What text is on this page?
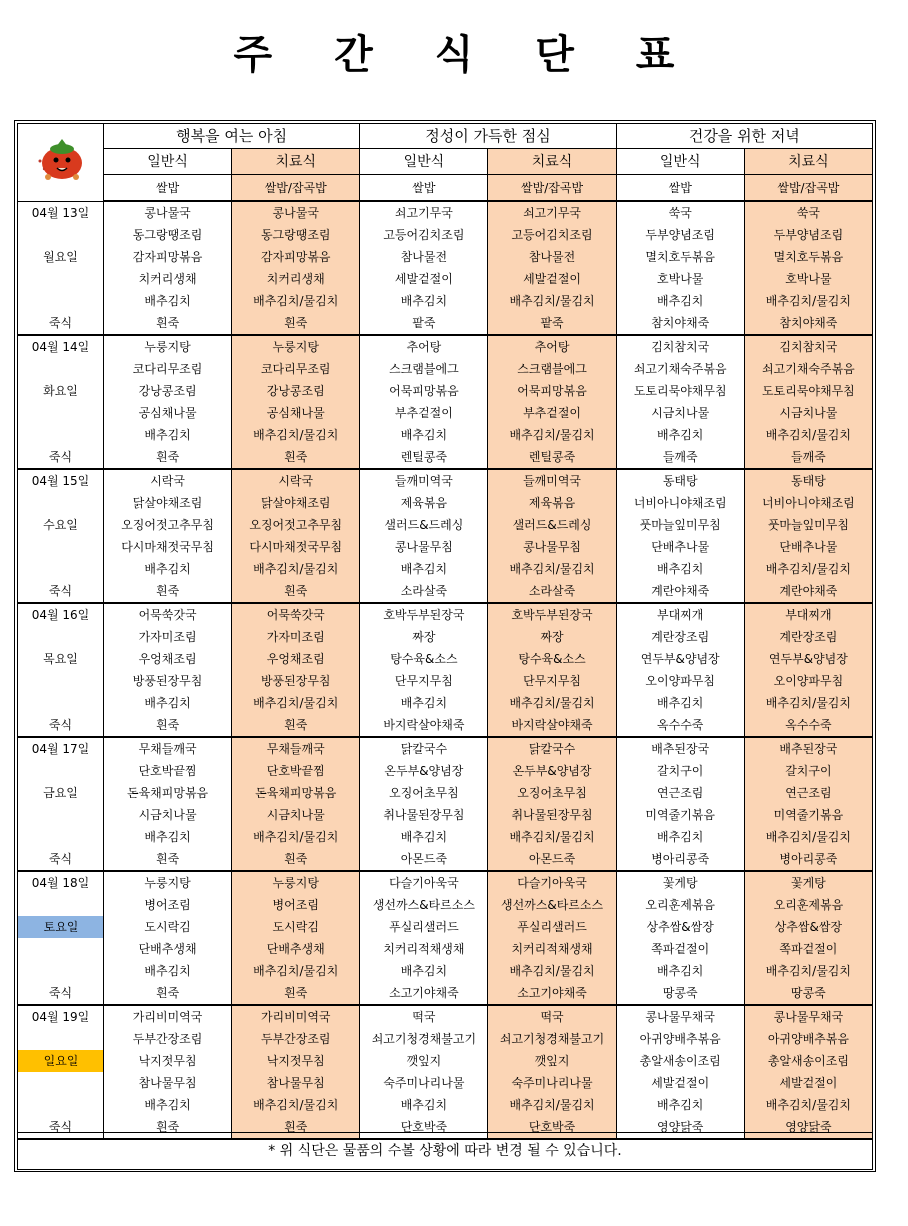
주 간 식 단 표
	행복을 여는 아침		정성이 가득한 점심		건강을 위한 저녁	
	일반식	치료식	일반식	치료식	일반식	치료식
	쌀밥	쌀밥/잡곡밥	쌀밥	쌀밥/잡곡밥	쌀밥	쌀밥/잡곡밥
04월 13일	콩나물국	콩나물국	쇠고기무국	쇠고기무국	쑥국	쑥국
	동그랑땡조림	동그랑땡조림	고등어김치조림	고등어김치조림	두부양념조림	두부양념조림
월요일	감자피망볶음	감자피망볶음	참나물전	참나물전	멸치호두볶음	멸치호두볶음
	치커리생채	치커리생채	세발겉절이	세발겉절이	호박나물	호박나물
	배추김치	배추김치/물김치	배추김치	배추김치/물김치	배추김치	배추김치/물김치
죽식	흰죽	흰죽	팥죽	팥죽	참치야채죽	참치야채죽
04월 14일	누룽지탕	누룽지탕	추어탕	추어탕	김치참치국	김치참치국
	코다리무조림	코다리무조림	스크램블에그	스크램블에그	쇠고기채숙주볶음	쇠고기채숙주볶음
화요일	강낭콩조림	강낭콩조림	어묵피망볶음	어묵피망볶음	도토리묵야채무침	도토리묵야채무침
	공심채나물	공심채나물	부추겉절이	부추겉절이	시금치나물	시금치나물
	배추김치	배추김치/물김치	배추김치	배추김치/물김치	배추김치	배추김치/물김치
죽식	흰죽	흰죽	렌틸콩죽	렌틸콩죽	들깨죽	들깨죽
04월 15일	시락국	시락국	들깨미역국	들깨미역국	동태탕	동태탕
	닭살야채조림	닭살야채조림	제육볶음	제육볶음	너비아니야채조림	너비아니야채조림
수요일	오징어젓고추무침	오징어젓고추무침	샐러드&드레싱	샐러드&드레싱	풋마늘잎미무침	풋마늘잎미무침
	다시마채젓국무침	다시마채젓국무침	콩나물무침	콩나물무침	단배추나물	단배추나물
	배추김치	배추김치/물김치	배추김치	배추김치/물김치	배추김치	배추김치/물김치
죽식	흰죽	흰죽	소라살죽	소라살죽	계란야채죽	계란야채죽
04월 16일	어묵쑥갓국	어묵쑥갓국	호박두부된장국	호박두부된장국	부대찌개	부대찌개
	가자미조림	가자미조림	짜장	짜장	계란장조림	계란장조림
목요일	우엉채조림	우엉채조림	탕수육&소스	탕수육&소스	연두부&양념장	연두부&양념장
	방풍된장무침	방풍된장무침	단무지무침	단무지무침	오이양파무침	오이양파무침
	배추김치	배추김치/물김치	배추김치	배추김치/물김치	배추김치	배추김치/물김치
죽식	흰죽	흰죽	바지락살야채죽	바지락살야채죽	옥수수죽	옥수수죽
04월 17일	무채들깨국	무채들깨국	닭칼국수	닭칼국수	배추된장국	배추된장국
	단호박끝찜	단호박끝찜	온두부&양념장	온두부&양념장	갈치구이	갈치구이
금요일	돈육채피망볶음	돈육채피망볶음	오징어초무침	오징어초무침	연근조림	연근조림
	시금치나물	시금치나물	취나물된장무침	취나물된장무침	미역줄기볶음	미역줄기볶음
	배추김치	배추김치/물김치	배추김치	배추김치/물김치	배추김치	배추김치/물김치
죽식	흰죽	흰죽	아몬드죽	아몬드죽	병아리콩죽	병아리콩죽
04월 18일	누룽지탕	누룽지탕	다슬기아욱국	다슬기아욱국	꽃게탕	꽃게탕
	병어조림	병어조림	생선까스&타르소스	생선까스&타르소스	오리훈제볶음	오리훈제볶음
토요일	도시락김	도시락김	푸실리샐러드	푸실리샐러드	상추쌈&쌈장	상추쌈&쌈장
	단배추생채	단배추생채	치커리적채생채	치커리적채생채	쪽파겉절이	쪽파겉절이
	배추김치	배추김치/물김치	배추김치	배추김치/물김치	배추김치	배추김치/물김치
죽식	흰죽	흰죽	소고기야채죽	소고기야채죽	땅콩죽	땅콩죽
04월 19일	가리비미역국	가리비미역국	떡국	떡국	콩나물무채국	콩나물무채국
	두부간장조림	두부간장조림	쇠고기청경채불고기	쇠고기청경채불고기	아귀양배추볶음	아귀양배추볶음
일요일	낙지젓무침	낙지젓무침	깻잎지	깻잎지	총알새송이조림	총알새송이조림
	참나물무침	참나물무침	숙주미나리나물	숙주미나리나물	세발겉절이	세발겉절이
	배추김치	배추김치/물김치	배추김치	배추김치/물김치	배추김치	배추김치/물김치
죽식	흰죽	흰죽	단호박죽	단호박죽	영양닭죽	영양닭죽
* 위 식단은 물품의 수볼 상황에 따라 변경 될 수 있습니다.
